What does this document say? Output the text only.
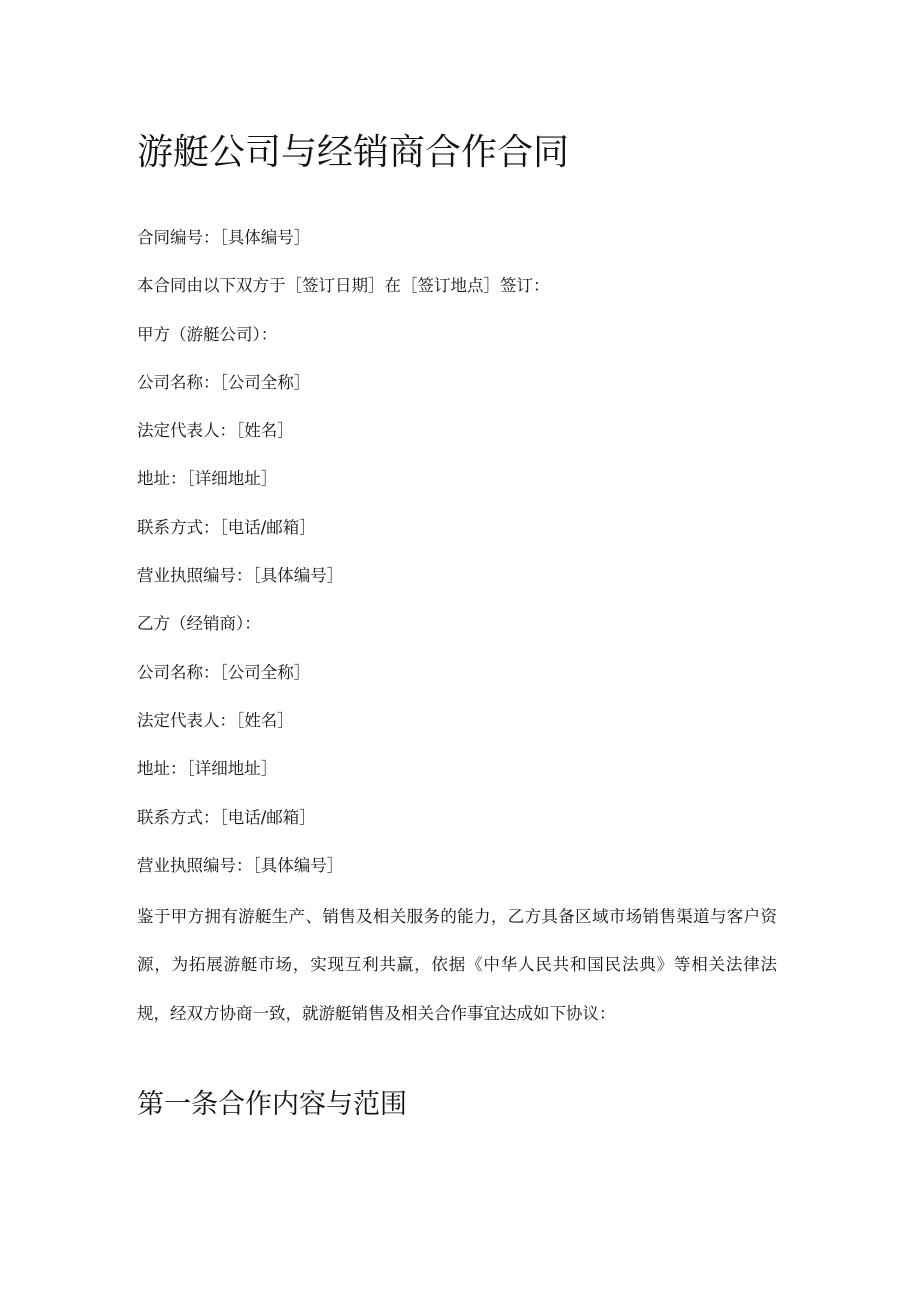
游艇公司与经销商合作合同
合同编号：［具体编号］
本合同由以下双方于［签订日期］在［签订地点］签订：
甲方（游艇公司）：
公司名称：［公司全称］
法定代表人：［姓名］
地址：［详细地址］
联系方式：［电话/邮箱］
营业执照编号：［具体编号］
乙方（经销商）：
公司名称：［公司全称］
法定代表人：［姓名］
地址：［详细地址］
联系方式：［电话/邮箱］
营业执照编号：［具体编号］

鉴于甲方拥有游艇生产、销售及相关服务的能力，乙方具备区域市场销售渠道与客户资源，为拓展游艇市场，实现互利共赢，依据《中华人民共和国民法典》等相关法律法规，经双方协商一致，就游艇销售及相关合作事宜达成如下协议：

第一条合作内容与范围
